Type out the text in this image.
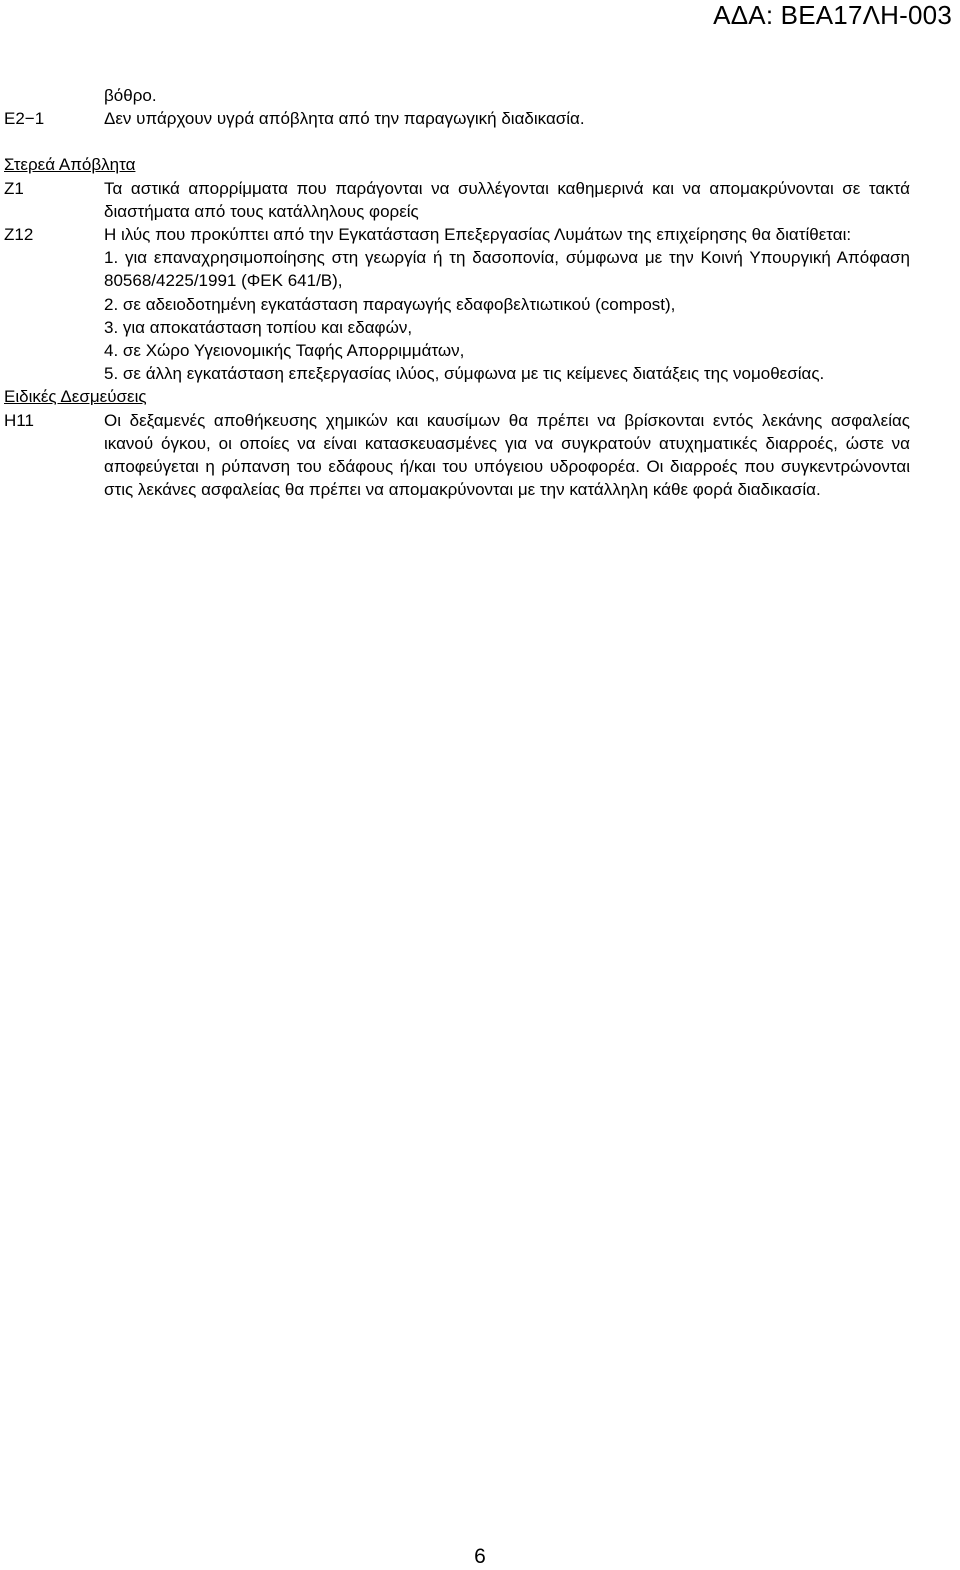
ΑΔΑ: ΒΕΑ17ΛΗ-003
βόθρο.
Ε2−1	Δεν υπάρχουν υγρά απόβλητα από την παραγωγική διαδικασία.
Στερεά Απόβλητα
Ζ1	Τα αστικά απορρίμματα που παράγονται να συλλέγονται καθημερινά και να απομακρύνονται σε τακτά διαστήματα από τους κατάλληλους φορείς
Ζ12	Η ιλύς που προκύπτει από την Εγκατάσταση Επεξεργασίας Λυμάτων της επιχείρησης θα διατίθεται:
1. για επαναχρησιμοποίησης στη γεωργία ή τη δασοπονία, σύμφωνα με την Κοινή Υπουργική Απόφαση 80568/4225/1991 (ΦΕΚ 641/Β),
2. σε αδειοδοτημένη εγκατάσταση παραγωγής εδαφοβελτιωτικού (compost),
3. για αποκατάσταση τοπίου και εδαφών,
4. σε Χώρο Υγειονομικής Ταφής Απορριμμάτων,
5. σε άλλη εγκατάσταση επεξεργασίας ιλύος, σύμφωνα με τις κείμενες διατάξεις της νομοθεσίας.
Ειδικές Δεσμεύσεις
Η11	Οι δεξαμενές αποθήκευσης χημικών και καυσίμων θα πρέπει να βρίσκονται εντός λεκάνης ασφαλείας ικανού όγκου, οι οποίες να είναι κατασκευασμένες για να συγκρατούν ατυχηματικές διαρροές, ώστε να αποφεύγεται η ρύπανση του εδάφους ή/και του υπόγειου υδροφορέα. Οι διαρροές που συγκεντρώνονται στις λεκάνες ασφαλείας θα πρέπει να απομακρύνονται με την κατάλληλη κάθε φορά διαδικασία.
6
